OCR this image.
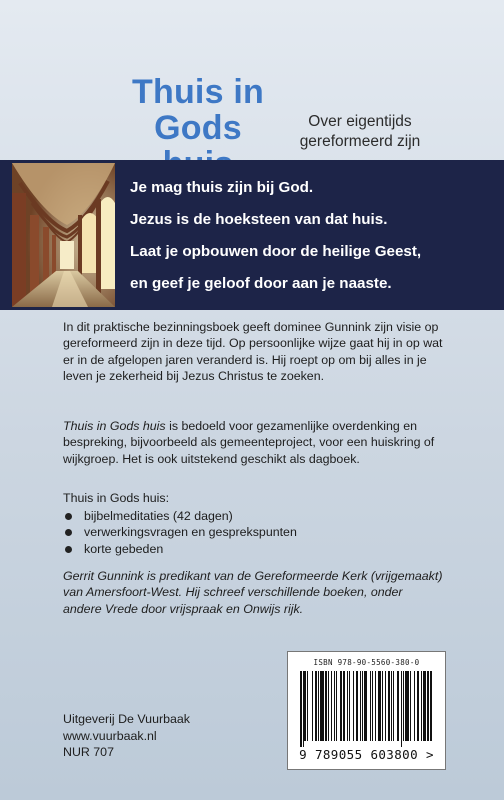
Thuis in
Gods	Over eigentijds
gereformeerd zijn
Je mag thuis zijn bij God.
Jezus is de hoeksteen van dat huis.
Laat je opbouwen door de heilige Geest,
en geef je geloof door aan je naaste.
In dit praktische bezinningsboek geeft dominee Gunnink zijn visie op gereformeerd zijn in deze tijd. Op persoonlijke wijze gaat hij in op wat er in de afgelopen jaren veranderd is. Hij roept op om bij alles in je leven je zekerheid bij Jezus Christus te zoeken.
Thuis in Gods huis is bedoeld voor gezamenlijke overdenking en bespreking, bijvoorbeeld als gemeenteproject, voor een huiskring of wijkgroep. Het is ook uitstekend geschikt als dagboek.
Thuis in Gods huis:
bijbelmeditaties (42 dagen)
verwerkingsvragen en gesprekspunten
korte gebeden
Gerrit Gunnink is predikant van de Gereformeerde Kerk (vrijgemaakt) van Amersfoort-West. Hij schreef verschillende boeken, onder andere Vrede door vrijspraak en Onwijs rijk.
ISBN 978-90-5560-380-0
9 789055 603800 >
Uitgeverij De Vuurbaak
www.vuurbaak.nl
NUR 707
